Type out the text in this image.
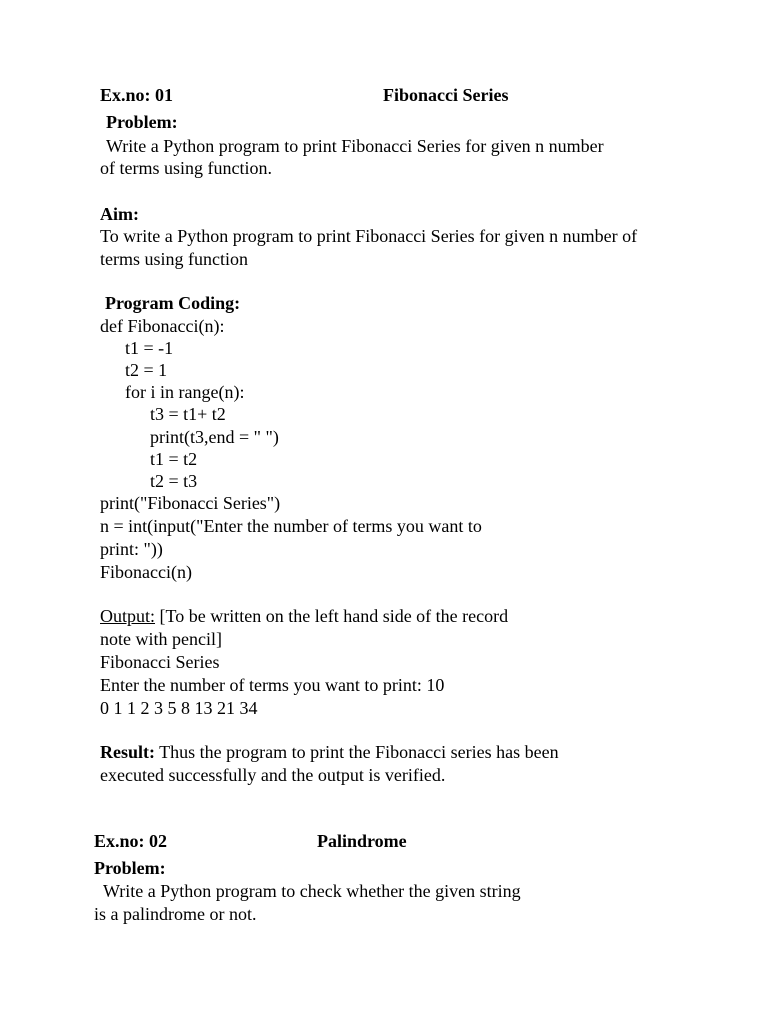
Ex.no: 01	Fibonacci Series
Problem:
Write a Python program to print Fibonacci Series for given n number
of terms using function.
Aim:
To write a Python program to print Fibonacci Series for given n number of
terms using function
Program Coding:
def Fibonacci(n):
t1 = -1
t2 = 1
for i in range(n):
t3 = t1+ t2
print(t3,end = " ")
t1 = t2
t2 = t3
print("Fibonacci Series")
n = int(input("Enter the number of terms you want to
print: "))
Fibonacci(n)
Output: [To be written on the left hand side of the record
note with pencil]
Fibonacci Series
Enter the number of terms you want to print: 10
0 1 1 2 3 5 8 13 21 34
Result: Thus the program to print the Fibonacci series has been
executed successfully and the output is verified.
Ex.no: 02	Palindrome
Problem:
Write a Python program to check whether the given string
is a palindrome or not.
